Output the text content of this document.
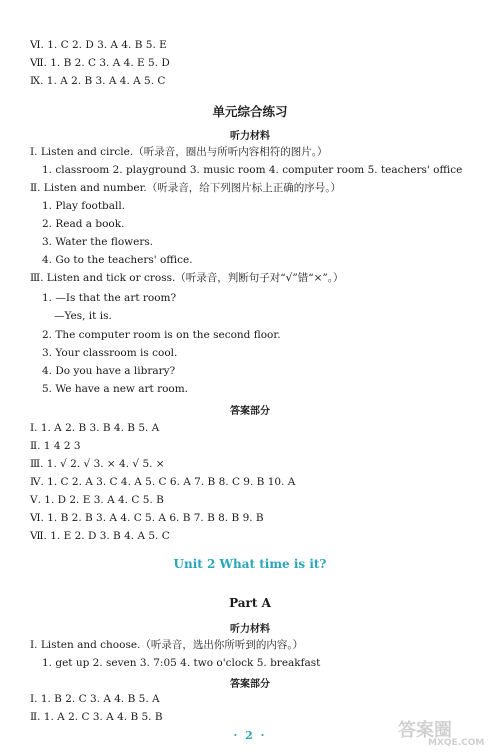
Ⅵ. 1. C 2. D 3. A 4. B 5. E
Ⅶ. 1. B 2. C 3. A 4. E 5. D
Ⅸ. 1. A 2. B 3. A 4. A 5. C
单元综合练习
听力材料
Ⅰ. Listen and circle.（听录音，圈出与所听内容相符的图片。）
1. classroom 2. playground 3. music room 4. computer room 5. teachers' office
Ⅱ. Listen and number.（听录音，给下列图片标上正确的序号。）
1. Play football.
2. Read a book.
3. Water the flowers.
4. Go to the teachers' office.
Ⅲ. Listen and tick or cross.（听录音，判断句子对“√”错“×”。）
1. —Is that the art room?
—Yes, it is.
2. The computer room is on the second floor.
3. Your classroom is cool.
4. Do you have a library?
5. We have a new art room.
答案部分
Ⅰ. 1. A 2. B 3. B 4. B 5. A
Ⅱ. 1 4 2 3
Ⅲ. 1. √ 2. √ 3. × 4. √ 5. ×
Ⅳ. 1. C 2. A 3. C 4. A 5. C 6. A 7. B 8. C 9. B 10. A
Ⅴ. 1. D 2. E 3. A 4. C 5. B
Ⅵ. 1. B 2. B 3. A 4. C 5. A 6. B 7. B 8. B 9. B
Ⅶ. 1. E 2. D 3. B 4. A 5. C
Unit 2 What time is it?
Part A
听力材料
Ⅰ. Listen and choose.（听录音，选出你所听到的内容。）
1. get up 2. seven 3. 7:05 4. two o'clock 5. breakfast
答案部分
Ⅰ. 1. B 2. C 3. A 4. B 5. A
Ⅱ. 1. A 2. C 3. A 4. B 5. B
· 2 ·	答案圈
MXQE.COM
